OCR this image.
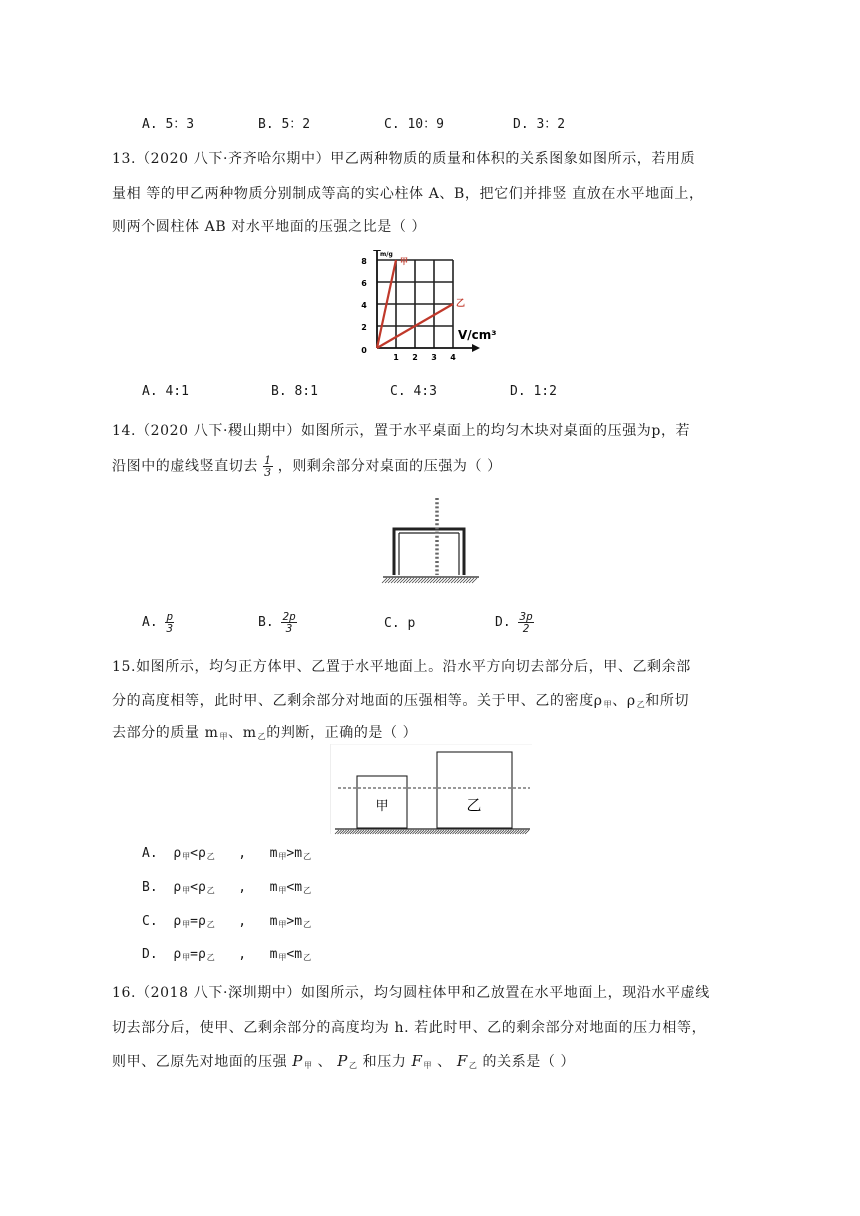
A. 5：3	B. 5：2	C. 10：9	D. 3：2
13.（2020 八下·齐齐哈尔期中）甲乙两种物质的质量和体积的关系图象如图所示，若用质
量相 等的甲乙两种物质分别制成等高的实心柱体 A、B，把它们并排竖 直放在水平地面上，
则两个圆柱体 AB 对水平地面的压强之比是（ ）
2
4
6
8
1 2 3 4
0
m/g
V/cm³
甲
乙
A. 4:1	B. 8:1	C. 4:3	D. 1:2
14.（2020 八下·稷山期中）如图所示，置于水平桌面上的均匀木块对桌面的压强为p，若
沿图中的虚线竖直切去 $\frac{1}{3}$ ，则剩余部分对桌面的压强为（ ）
A. $\frac{p}{3}$	B. $\frac{2p}{3}$	C. p	D. $\frac{3p}{2}$
15.如图所示，均匀正方体甲、乙置于水平地面上。沿水平方向切去部分后，甲、乙剩余部
分的高度相等，此时甲、乙剩余部分对地面的压强相等。关于甲、乙的密度$\rho_甲$、$\rho_乙$和所切
去部分的质量 $m_甲$、$m_乙$的判断，正确的是（ ）
甲	乙
A. $\rho_甲<\rho_乙$   ,   $m_甲>m_乙$
B. $\rho_甲<\rho_乙$   ,   $m_甲<m_乙$
C. $\rho_甲=\rho_乙$   ,   $m_甲>m_乙$
D. $\rho_甲=\rho_乙$   ,   $m_甲<m_乙$
16.（2018 八下·深圳期中）如图所示，均匀圆柱体甲和乙放置在水平地面上，现沿水平虚线
切去部分后，使甲、乙剩余部分的高度均为 h. 若此时甲、乙的剩余部分对地面的压力相等，
则甲、乙原先对地面的压强 $P_甲$ 、 $P_乙$ 和压力 $F_甲$ 、 $F_乙$ 的关系是（ ）
